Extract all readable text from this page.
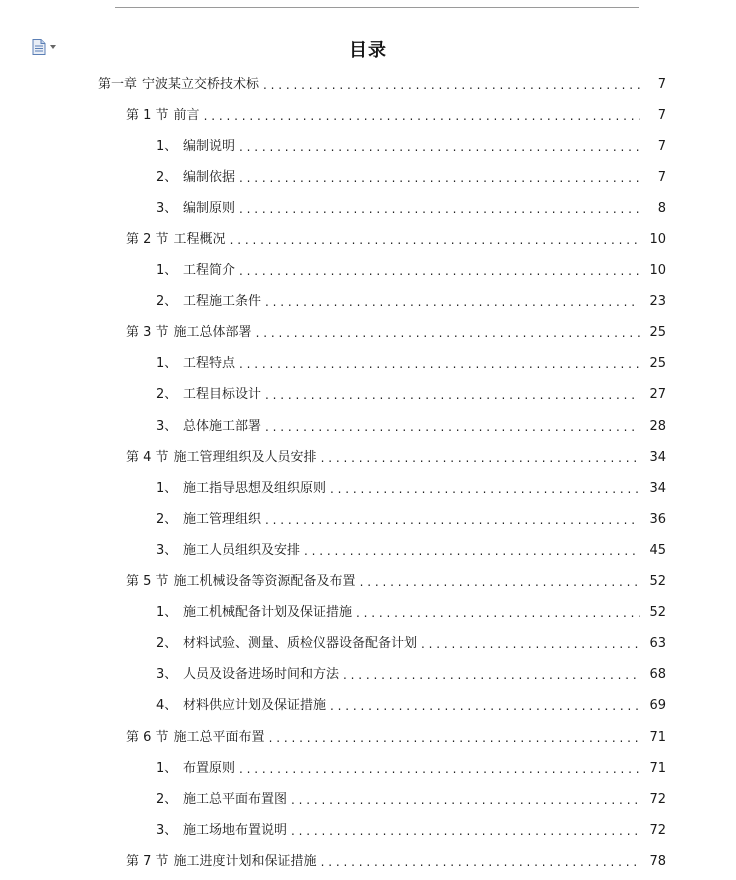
目录
第一章 宁波某立交桥技术标 . . .	7
第 1 节 前言 . . .	7
1、 编制说明 . . .	7
2、 编制依据 . . .	7
3、 编制原则 . . .	8
第 2 节 工程概况 . . .	10
1、 工程简介 . . .	10
2、 工程施工条件 . . .	23
第 3 节 施工总体部署 . . .	25
1、 工程特点 . . .	25
2、 工程目标设计 . . .	27
3、 总体施工部署 . . .	28
第 4 节 施工管理组织及人员安排 . . .	34
1、 施工指导思想及组织原则 . . .	34
2、 施工管理组织 . . .	36
3、 施工人员组织及安排 . . .	45
第 5 节 施工机械设备等资源配备及布置 . . .	52
1、 施工机械配备计划及保证措施 . . .	52
2、 材料试验、测量、质检仪器设备配备计划 . . .	63
3、 人员及设备进场时间和方法 . . .	68
4、 材料供应计划及保证措施 . . .	69
第 6 节 施工总平面布置 . . .	71
1、 布置原则 . . .	71
2、 施工总平面布置图 . . .	72
3、 施工场地布置说明 . . .	72
第 7 节 施工进度计划和保证措施 . . .	78
